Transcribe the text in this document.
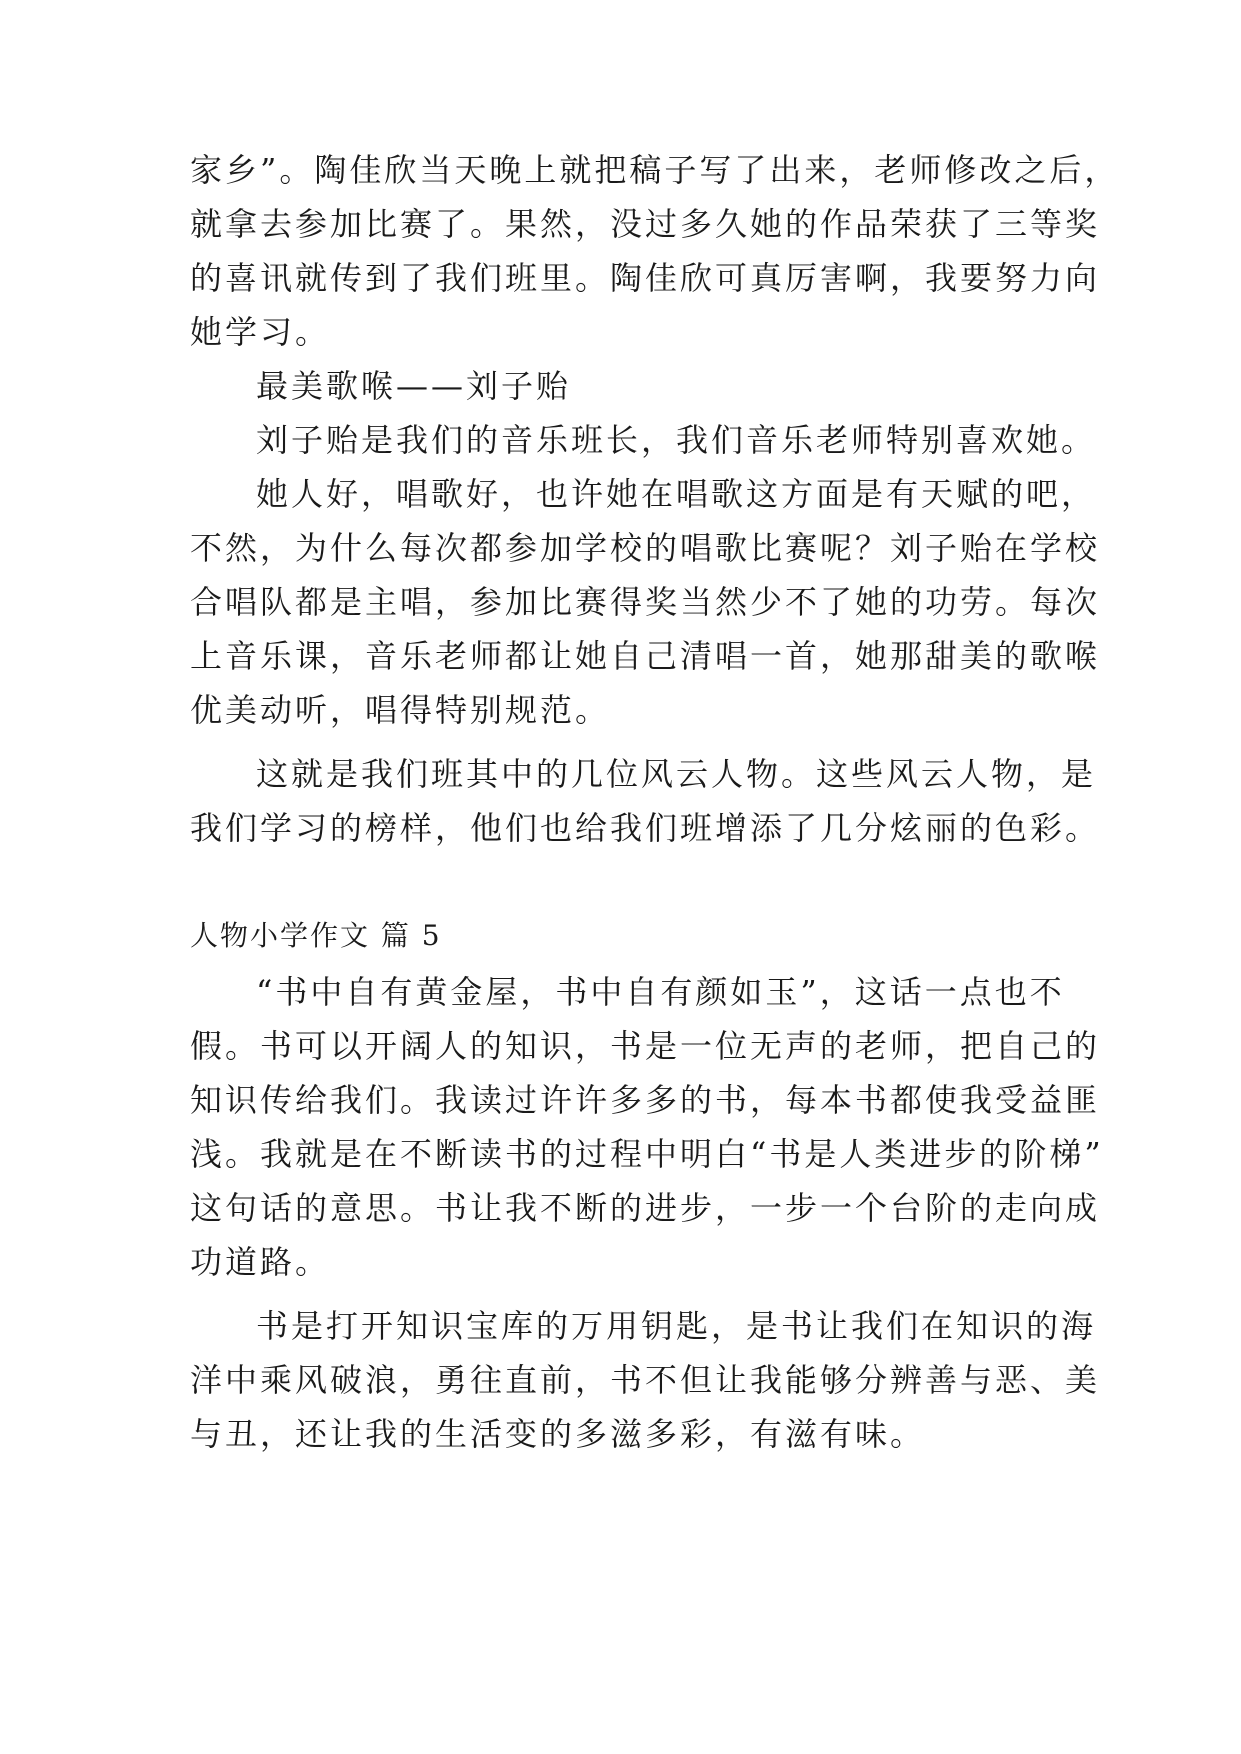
家乡”。陶佳欣当天晚上就把稿子写了出来，老师修改之后，
就拿去参加比赛了。果然，没过多久她的作品荣获了三等奖
的喜讯就传到了我们班里。陶佳欣可真厉害啊，我要努力向
她学习。
最美歌喉——刘子贻
刘子贻是我们的音乐班长，我们音乐老师特别喜欢她。
她人好，唱歌好，也许她在唱歌这方面是有天赋的吧，
不然，为什么每次都参加学校的唱歌比赛呢？刘子贻在学校
合唱队都是主唱，参加比赛得奖当然少不了她的功劳。每次
上音乐课，音乐老师都让她自己清唱一首，她那甜美的歌喉
优美动听，唱得特别规范。
这就是我们班其中的几位风云人物。这些风云人物，是
我们学习的榜样，他们也给我们班增添了几分炫丽的色彩。
人物小学作文 篇 5
“书中自有黄金屋，书中自有颜如玉”，这话一点也不
假。书可以开阔人的知识，书是一位无声的老师，把自己的
知识传给我们。我读过许许多多的书，每本书都使我受益匪
浅。我就是在不断读书的过程中明白“书是人类进步的阶梯”
这句话的意思。书让我不断的进步，一步一个台阶的走向成
功道路。
书是打开知识宝库的万用钥匙，是书让我们在知识的海
洋中乘风破浪，勇往直前，书不但让我能够分辨善与恶、美
与丑，还让我的生活变的多滋多彩，有滋有味。
